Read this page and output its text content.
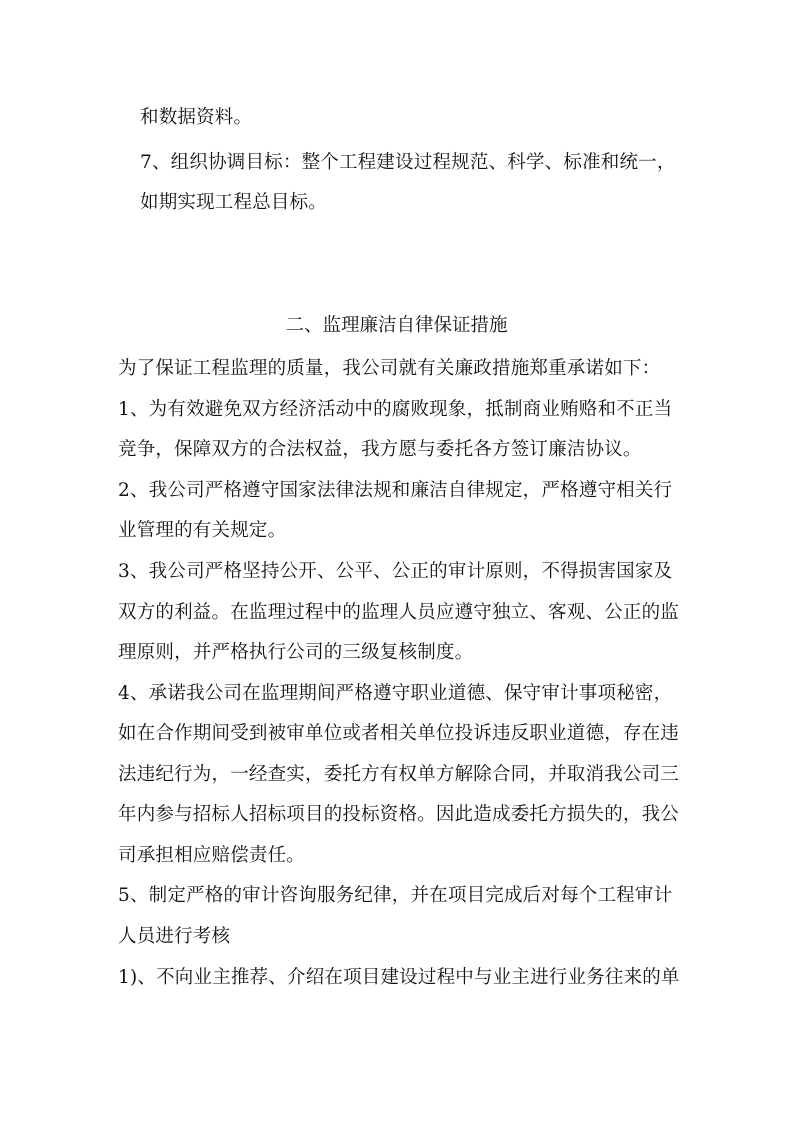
和数据资料。
7、组织协调目标：整个工程建设过程规范、科学、标准和统一，
如期实现工程总目标。
二、监理廉洁自律保证措施
为了保证工程监理的质量，我公司就有关廉政措施郑重承诺如下：
1、为有效避免双方经济活动中的腐败现象，抵制商业贿赂和不正当
竞争，保障双方的合法权益，我方愿与委托各方签订廉洁协议。
2、我公司严格遵守国家法律法规和廉洁自律规定，严格遵守相关行
业管理的有关规定。
3、我公司严格坚持公开、公平、公正的审计原则，不得损害国家及
双方的利益。在监理过程中的监理人员应遵守独立、客观、公正的监
理原则，并严格执行公司的三级复核制度。
4、承诺我公司在监理期间严格遵守职业道德、保守审计事项秘密，
如在合作期间受到被审单位或者相关单位投诉违反职业道德，存在违
法违纪行为，一经查实，委托方有权单方解除合同，并取消我公司三
年内参与招标人招标项目的投标资格。因此造成委托方损失的，我公
司承担相应赔偿责任。
5、制定严格的审计咨询服务纪律，并在项目完成后对每个工程审计
人员进行考核
1)、不向业主推荐、介绍在项目建设过程中与业主进行业务往来的单
